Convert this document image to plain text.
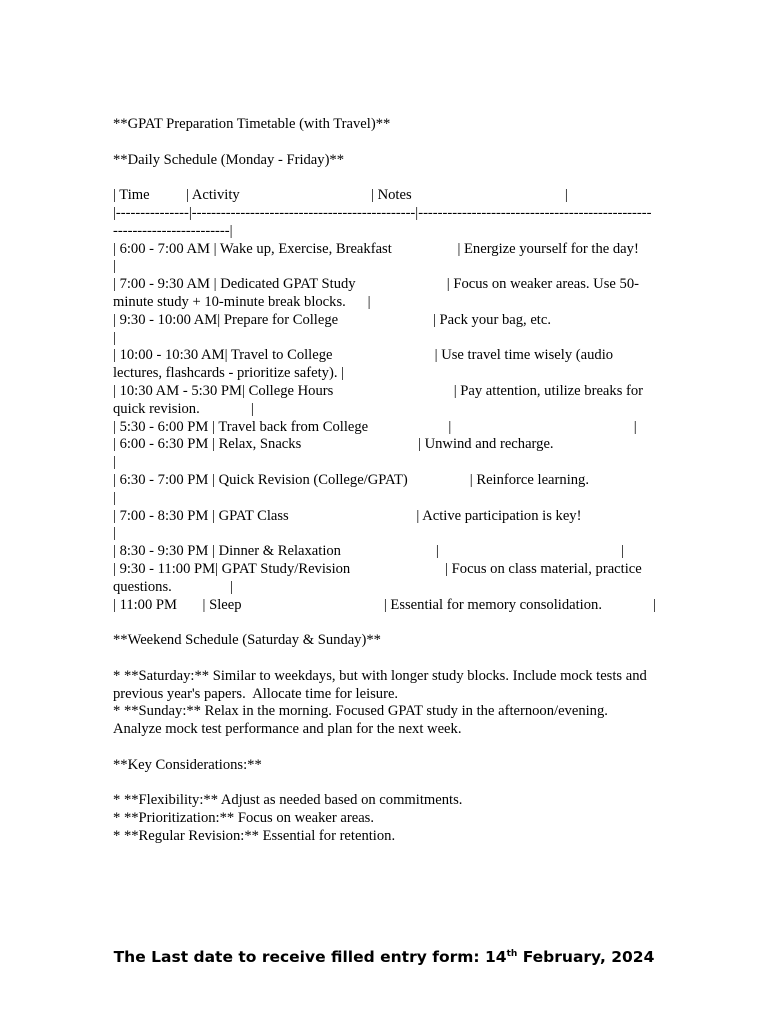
**GPAT Preparation Timetable (with Travel)**

**Daily Schedule (Monday - Friday)**

| Time          | Activity                                    | Notes                                          |

|---------------|----------------------------------------------|------------------------------------------------------------------------|

| 6:00 - 7:00 AM | Wake up, Exercise, Breakfast                  | Energize yourself for the day!                 |

| 7:00 - 9:30 AM | Dedicated GPAT Study                         | Focus on weaker areas. Use 50-minute study + 10-minute break blocks.      |

| 9:30 - 10:00 AM| Prepare for College                          | Pack your bag, etc.                             |

| 10:00 - 10:30 AM| Travel to College                            | Use travel time wisely (audio lectures, flashcards - prioritize safety). |

| 10:30 AM - 5:30 PM| College Hours                                 | Pay attention, utilize breaks for quick revision.              |

| 5:30 - 6:00 PM | Travel back from College                      |                                                  |

| 6:00 - 6:30 PM | Relax, Snacks                                | Unwind and recharge.                             |

| 6:30 - 7:00 PM | Quick Revision (College/GPAT)                 | Reinforce learning.                              |

| 7:00 - 8:30 PM | GPAT Class                                   | Active participation is key!                    |

| 8:30 - 9:30 PM | Dinner & Relaxation                          |                                                  |

| 9:30 - 11:00 PM| GPAT Study/Revision                          | Focus on class material, practice questions.                |

| 11:00 PM       | Sleep                                       | Essential for memory consolidation.              |

**Weekend Schedule (Saturday & Sunday)**

* **Saturday:** Similar to weekdays, but with longer study blocks. Include mock tests and previous year's papers.  Allocate time for leisure.

* **Sunday:** Relax in the morning. Focused GPAT study in the afternoon/evening.  Analyze mock test performance and plan for the next week.

**Key Considerations:**

* **Flexibility:** Adjust as needed based on commitments.

* **Prioritization:** Focus on weaker areas.

* **Regular Revision:** Essential for retention.

The Last date to receive filled entry form: 14th February, 2024
